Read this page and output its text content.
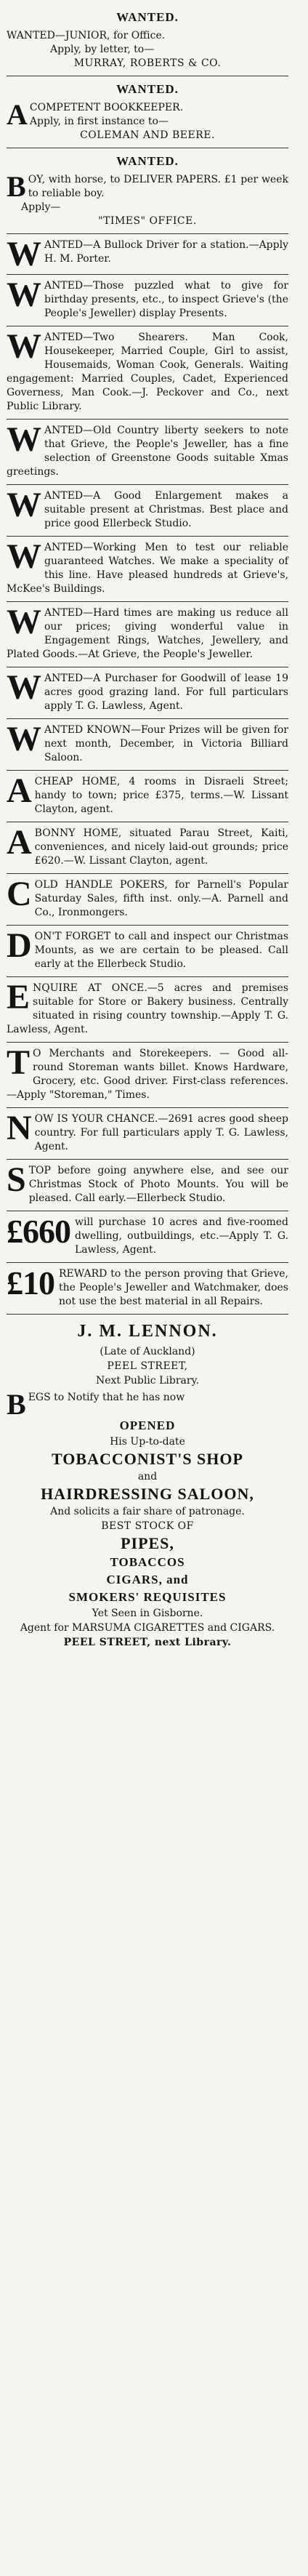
WANTED.

WANTED—JUNIOR, for Office.

Apply, by letter, to—

MURRAY, ROBERTS & CO.

WANTED.
A COMPETENT BOOKKEEPER.

Apply, in first instance to—

COLEMAN AND BEERE.

WANTED.
B OY, with horse, to DELIVER PAPERS. £1 per week to reliable boy.

Apply—

"TIMES" OFFICE.

W ANTED—A Bullock Driver for a station.—Apply H. M. Porter.

W ANTED—Those puzzled what to give for birthday presents, etc., to inspect Grieve's (the People's Jeweller) display Presents.

W ANTED—Two Shearers. Man Cook, Housekeeper, Married Couple, Girl to assist, Housemaids, Woman Cook, Generals. Waiting engagement: Married Couples, Cadet, Experienced Governess, Man Cook.—J. Peckover and Co., next Public Library.

W ANTED—Old Country liberty seekers to note that Grieve, the People's Jeweller, has a fine selection of Greenstone Goods suitable Xmas greetings.

W ANTED—A Good Enlargement makes a suitable present at Christmas. Best place and price good Ellerbeck Studio.

W ANTED—Working Men to test our reliable guaranteed Watches. We make a speciality of this line. Have pleased hundreds at Grieve's, McKee's Buildings.

W ANTED—Hard times are making us reduce all our prices; giving wonderful value in Engagement Rings, Watches, Jewellery, and Plated Goods.—At Grieve, the People's Jeweller.

W ANTED—A Purchaser for Goodwill of lease 19 acres good grazing land. For full particulars apply T. G. Lawless, Agent.

W ANTED KNOWN—Four Prizes will be given for next month, December, in Victoria Billiard Saloon.

A CHEAP HOME, 4 rooms in Disraeli Street; handy to town; price £375, terms.—W. Lissant Clayton, agent.

A BONNY HOME, situated Parau Street, Kaiti, conveniences, and nicely laid-out grounds; price £620.—W. Lissant Clayton, agent.

C OLD HANDLE POKERS, for Parnell's Popular Saturday Sales, fifth inst. only.—A. Parnell and Co., Ironmongers.

D ON'T FORGET to call and inspect our Christmas Mounts, as we are certain to be pleased. Call early at the Ellerbeck Studio.

E NQUIRE AT ONCE.—5 acres and premises suitable for Store or Bakery business. Centrally situated in rising country township.—Apply T. G. Lawless, Agent.

T O Merchants and Storekeepers. — Good all-round Storeman wants billet. Knows Hardware, Grocery, etc. Good driver. First-class references.—Apply "Storeman," Times.

N OW IS YOUR CHANCE.—2691 acres good sheep country. For full particulars apply T. G. Lawless, Agent.

S TOP before going anywhere else, and see our Christmas Stock of Photo Mounts. You will be pleased. Call early.—Ellerbeck Studio.

£660 will purchase 10 acres and five-roomed dwelling, outbuildings, etc.—Apply T. G. Lawless, Agent.

£10 REWARD to the person proving that Grieve, the People's Jeweller and Watchmaker, does not use the best material in all Repairs.

J. M. LENNON.
(Late of Auckland)
PEEL STREET,
Next Public Library.
B EGS to Notify that he has now

OPENED
His Up-to-date
TOBACCONIST'S SHOP
and
HAIRDRESSING SALOON,
And solicits a fair share of patronage.
BEST STOCK OF
PIPES,
TOBACCOS
CIGARS, and
SMOKERS' REQUISITES
Yet Seen in Gisborne.
Agent for MARSUMA CIGARETTES and CIGARS.
PEEL STREET, next Library.
